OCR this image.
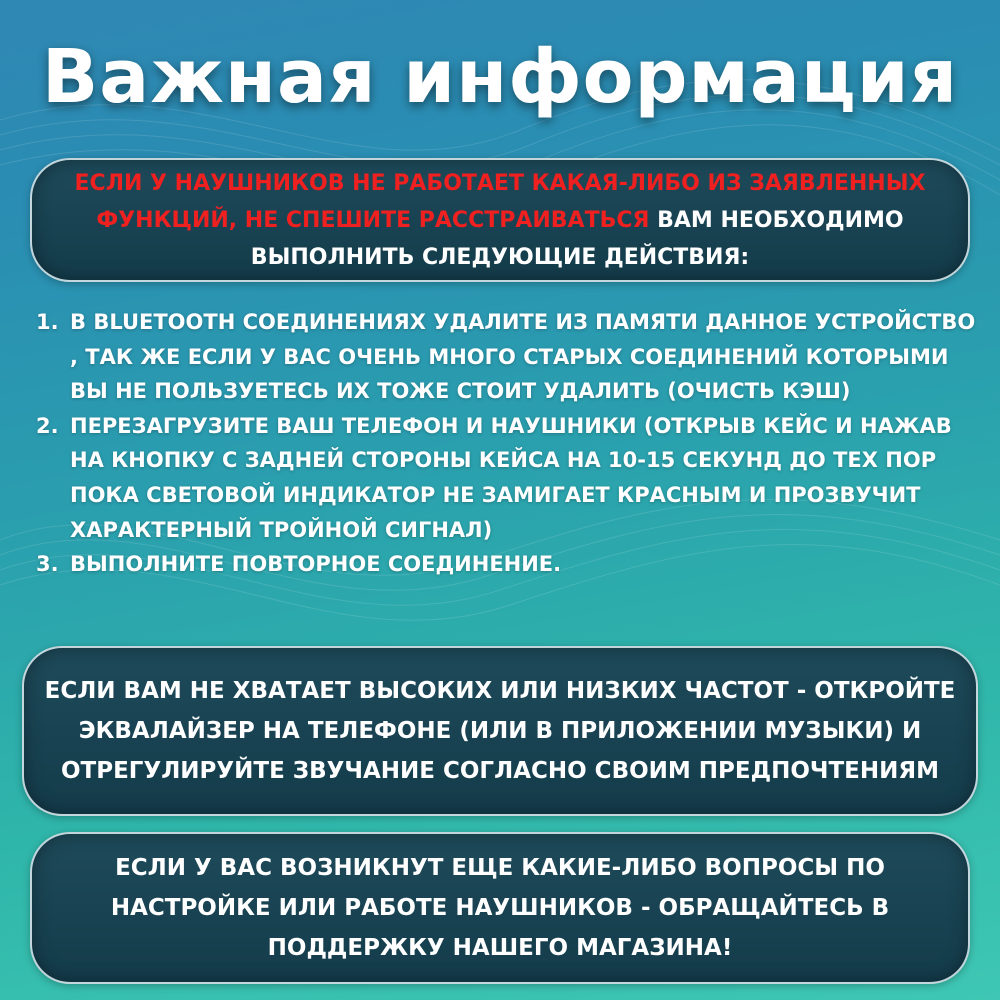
Важная информация
ЕСЛИ У НАУШНИКОВ НЕ РАБОТАЕТ КАКАЯ-ЛИБО ИЗ ЗАЯВЛЕННЫХ ФУНКЦИЙ, НЕ СПЕШИТЕ РАССТРАИВАТЬСЯ ВАМ НЕОБХОДИМО ВЫПОЛНИТЬ СЛЕДУЮЩИЕ ДЕЙСТВИЯ:
1. В BLUETOOTH СОЕДИНЕНИЯХ УДАЛИТЕ ИЗ ПАМЯТИ ДАННОЕ УСТРОЙСТВО , ТАК ЖЕ ЕСЛИ У ВАС ОЧЕНЬ МНОГО СТАРЫХ СОЕДИНЕНИЙ КОТОРЫМИ ВЫ НЕ ПОЛЬЗУЕТЕСЬ ИХ ТОЖЕ СТОИТ УДАЛИТЬ (ОЧИСТЬ КЭШ)
2. ПЕРЕЗАГРУЗИТЕ ВАШ ТЕЛЕФОН И НАУШНИКИ (ОТКРЫВ КЕЙС И НАЖАВ НА КНОПКУ С ЗАДНЕЙ СТОРОНЫ КЕЙСА НА 10-15 СЕКУНД ДО ТЕХ ПОР ПОКА СВЕТОВОЙ ИНДИКАТОР НЕ ЗАМИГАЕТ КРАСНЫМ И ПРОЗВУЧИТ ХАРАКТЕРНЫЙ ТРОЙНОЙ СИГНАЛ)
3. ВЫПОЛНИТЕ ПОВТОРНОЕ СОЕДИНЕНИЕ.
ЕСЛИ ВАМ НЕ ХВАТАЕТ ВЫСОКИХ ИЛИ НИЗКИХ ЧАСТОТ - ОТКРОЙТЕ ЭКВАЛАЙЗЕР НА ТЕЛЕФОНЕ (ИЛИ В ПРИЛОЖЕНИИ МУЗЫКИ) И ОТРЕГУЛИРУЙТЕ ЗВУЧАНИЕ СОГЛАСНО СВОИМ ПРЕДПОЧТЕНИЯМ
ЕСЛИ У ВАС ВОЗНИКНУТ ЕЩЕ КАКИЕ-ЛИБО ВОПРОСЫ ПО НАСТРОЙКЕ ИЛИ РАБОТЕ НАУШНИКОВ - ОБРАЩАЙТЕСЬ В ПОДДЕРЖКУ НАШЕГО МАГАЗИНА!
